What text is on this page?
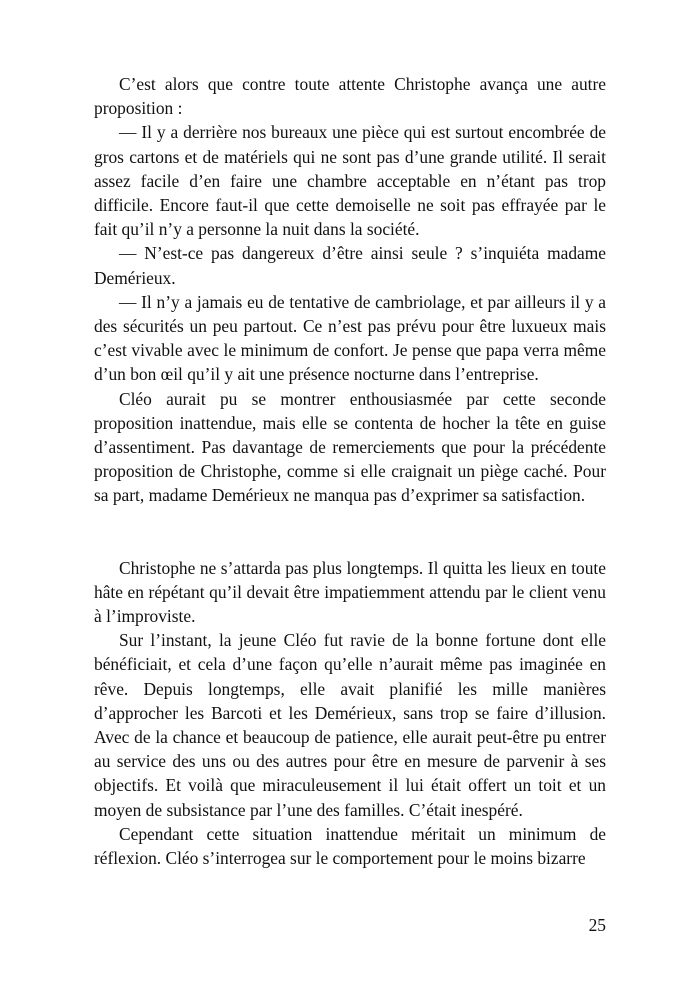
C’est alors que contre toute attente Christophe avança une autre proposition :

— Il y a derrière nos bureaux une pièce qui est surtout encombrée de gros cartons et de matériels qui ne sont pas d’une grande utilité. Il serait assez facile d’en faire une chambre acceptable en n’étant pas trop difficile. Encore faut-il que cette demoiselle ne soit pas effrayée par le fait qu’il n’y a personne la nuit dans la société.

— N’est-ce pas dangereux d’être ainsi seule ? s’inquiéta madame Demérieux.

— Il n’y a jamais eu de tentative de cambriolage, et par ailleurs il y a des sécurités un peu partout. Ce n’est pas prévu pour être luxueux mais c’est vivable avec le minimum de confort. Je pense que papa verra même d’un bon œil qu’il y ait une présence nocturne dans l’entreprise.

Cléo aurait pu se montrer enthousiasmée par cette seconde proposition inattendue, mais elle se contenta de hocher la tête en guise d’assentiment. Pas davantage de remerciements que pour la précédente proposition de Christophe, comme si elle craignait un piège caché. Pour sa part, madame Demérieux ne manqua pas d’exprimer sa satisfaction.

Christophe ne s’attarda pas plus longtemps. Il quitta les lieux en toute hâte en répétant qu’il devait être impatiemment attendu par le client venu à l’improviste.

Sur l’instant, la jeune Cléo fut ravie de la bonne fortune dont elle bénéficiait, et cela d’une façon qu’elle n’aurait même pas imaginée en rêve. Depuis longtemps, elle avait planifié les mille manières d’approcher les Barcoti et les Demérieux, sans trop se faire d’illusion. Avec de la chance et beaucoup de patience, elle aurait peut-être pu entrer au service des uns ou des autres pour être en mesure de parvenir à ses objectifs. Et voilà que miraculeusement il lui était offert un toit et un moyen de subsistance par l’une des familles. C’était inespéré.

Cependant cette situation inattendue méritait un minimum de réflexion. Cléo s’interrogea sur le comportement pour le moins bizarre

25
